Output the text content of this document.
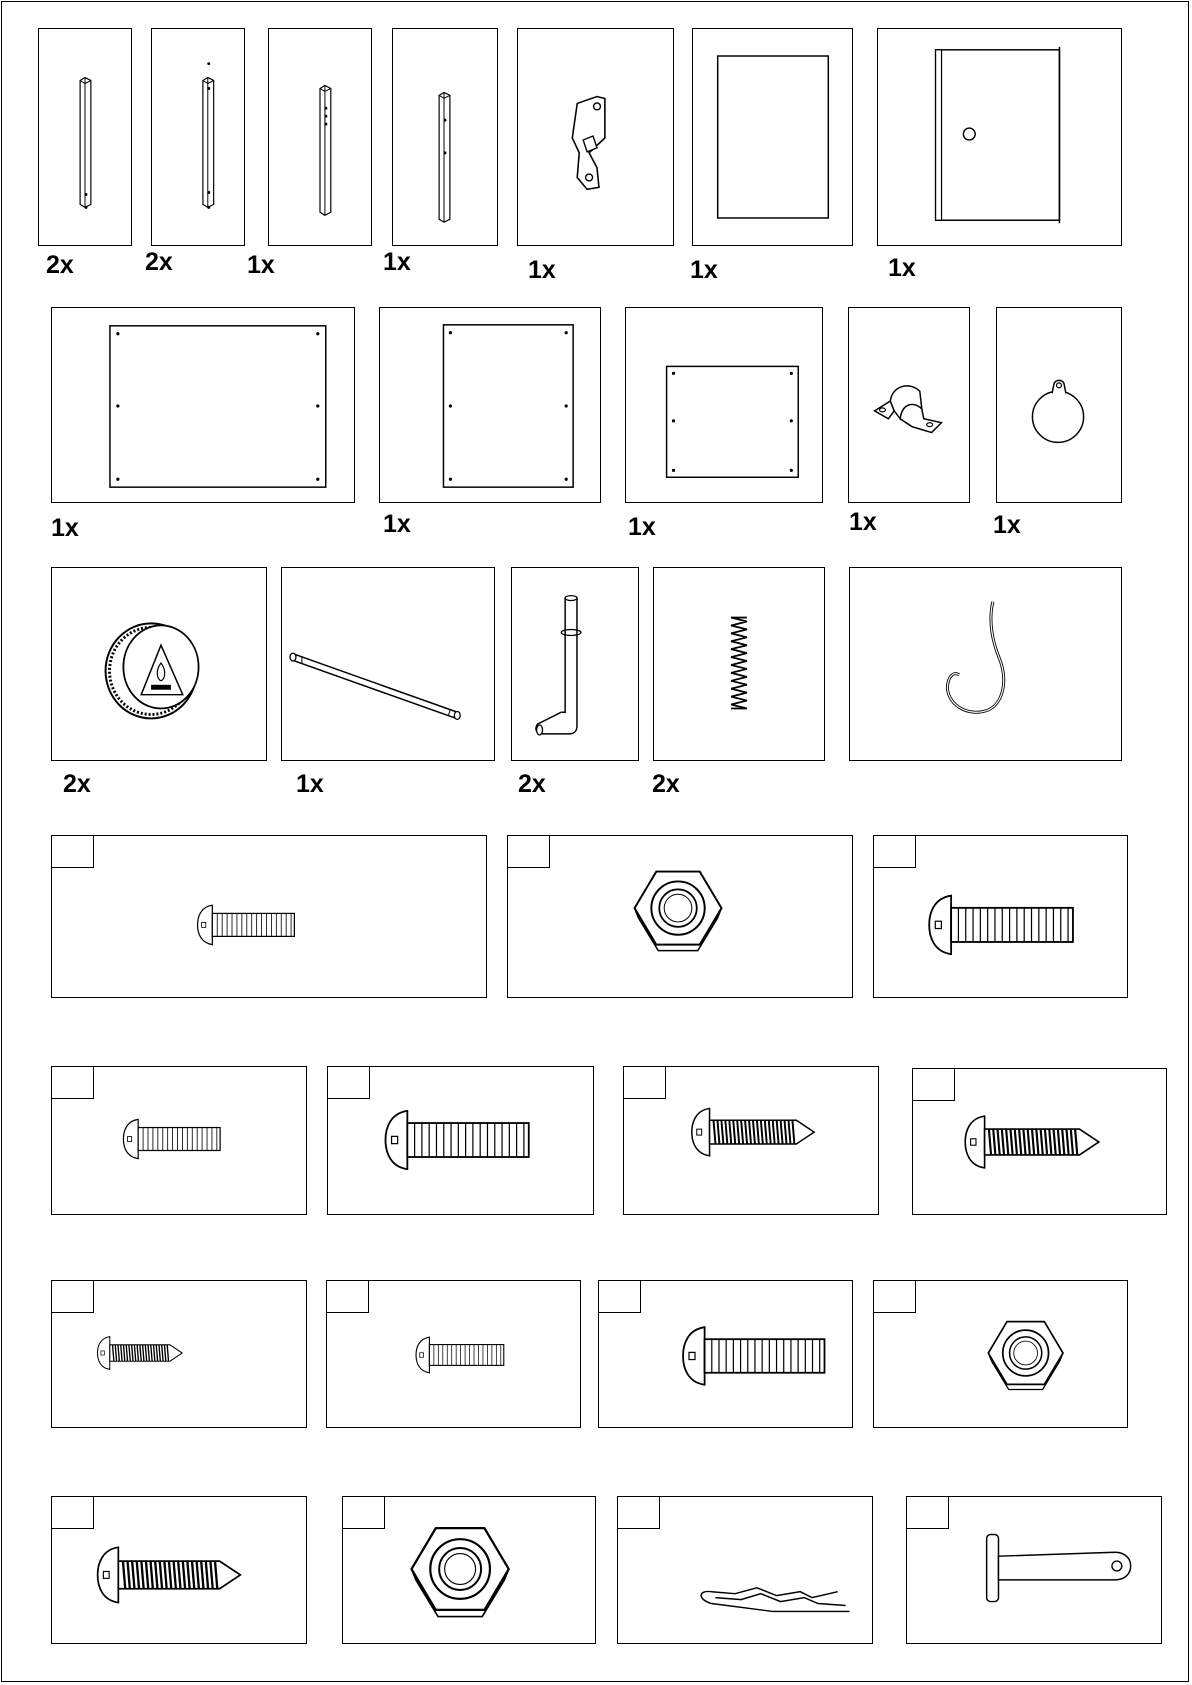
2x	2x	1x	1x	1x	1x	1x
1x	1x	1x	1x	1x
2x	1x	2x	2x
